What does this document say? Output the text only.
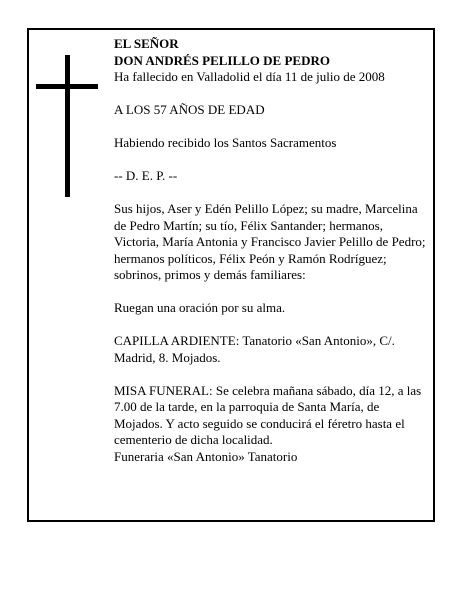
EL SEÑOR

DON ANDRÉS PELILLO DE PEDRO

Ha fallecido en Valladolid el día 11 de julio de 2008

A LOS 57 AÑOS DE EDAD

Habiendo recibido los Santos Sacramentos

-- D. E. P. --

Sus hijos, Aser y Edén Pelillo López; su madre, Marcelina de Pedro Martín; su tío, Félix Santander; hermanos, Victoria, María Antonia y Francisco Javier Pelillo de Pedro; hermanos políticos, Félix Peón y Ramón Rodríguez; sobrinos, primos y demás familiares:

Ruegan una oración por su alma.

CAPILLA ARDIENTE: Tanatorio «San Antonio», C/. Madrid, 8. Mojados.

MISA FUNERAL: Se celebra mañana sábado, día 12, a las 7.00 de la tarde, en la parroquia de Santa María, de Mojados. Y acto seguido se conducirá el féretro hasta el cementerio de dicha localidad.

Funeraria «San Antonio» Tanatorio
